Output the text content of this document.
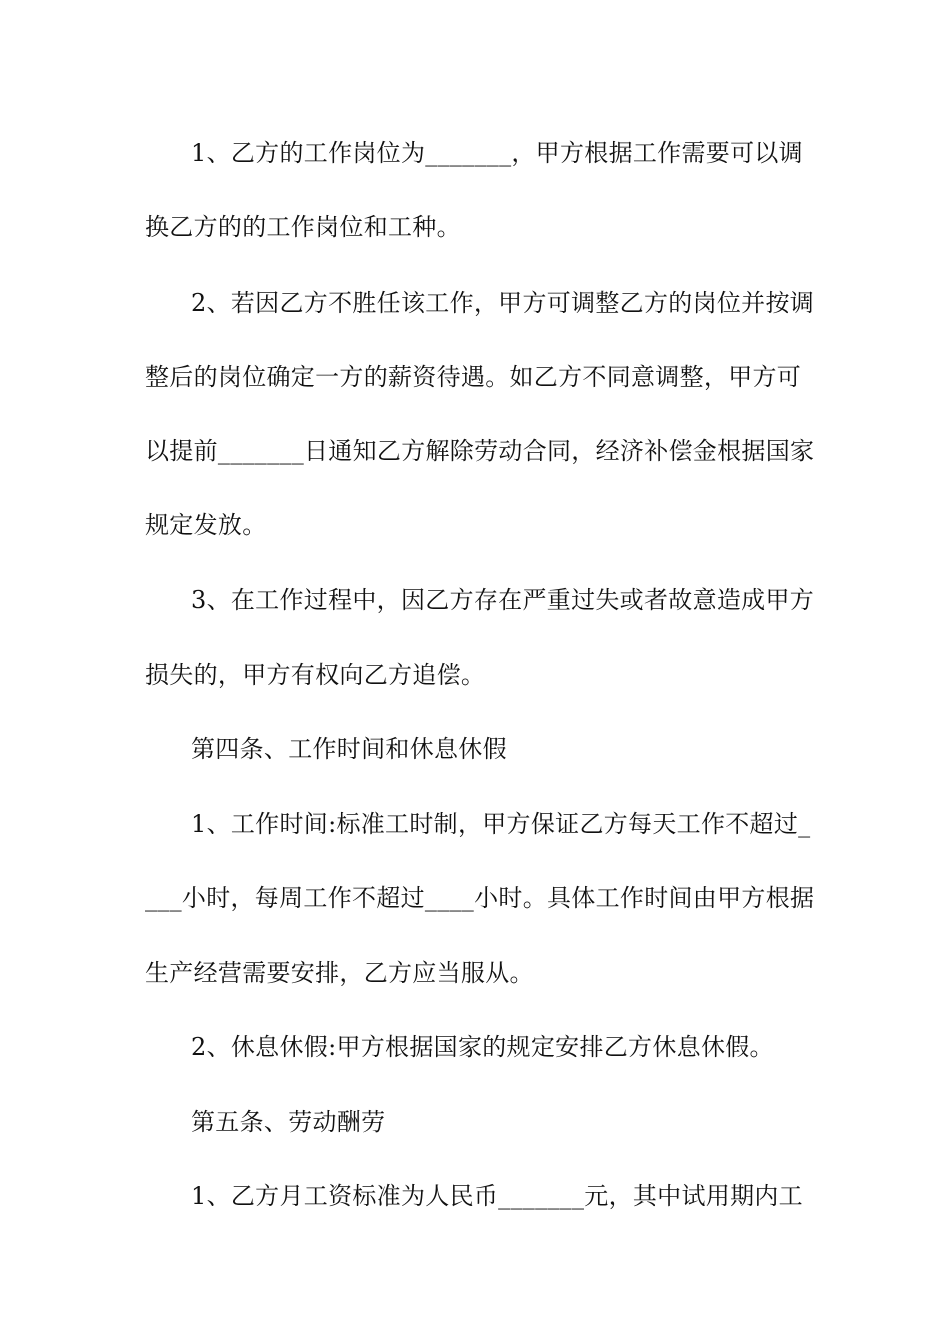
1、乙方的工作岗位为_______，甲方根据工作需要可以调
换乙方的的工作岗位和工种。
2、若因乙方不胜任该工作，甲方可调整乙方的岗位并按调
整后的岗位确定一方的薪资待遇。如乙方不同意调整，甲方可
以提前_______日通知乙方解除劳动合同，经济补偿金根据国家
规定发放。
3、在工作过程中，因乙方存在严重过失或者故意造成甲方
损失的，甲方有权向乙方追偿。
第四条、工作时间和休息休假
1、工作时间:标准工时制，甲方保证乙方每天工作不超过_
___小时，每周工作不超过____小时。具体工作时间由甲方根据
生产经营需要安排，乙方应当服从。
2、休息休假:甲方根据国家的规定安排乙方休息休假。
第五条、劳动酬劳
1、乙方月工资标准为人民币_______元，其中试用期内工
